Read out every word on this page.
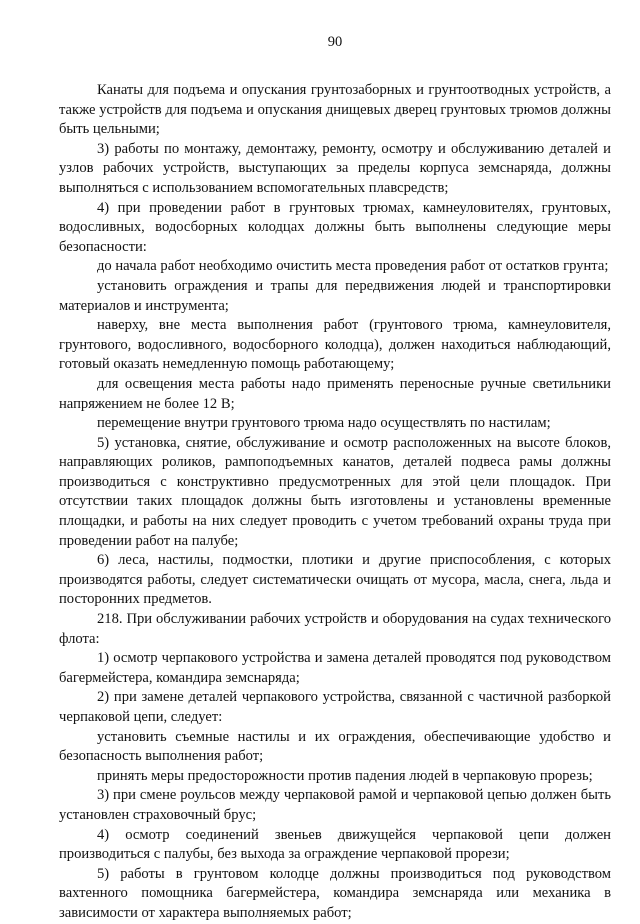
90

Канаты для подъема и опускания грунтозаборных и грунтоотводных устройств, а также устройств для подъема и опускания днищевых дверец грунтовых трюмов должны быть цельными;

3) работы по монтажу, демонтажу, ремонту, осмотру и обслуживанию деталей и узлов рабочих устройств, выступающих за пределы корпуса земснаряда, должны выполняться с использованием вспомогательных плавсредств;

4) при проведении работ в грунтовых трюмах, камнеуловителях, грунтовых, водосливных, водосборных колодцах должны быть выполнены следующие меры безопасности:

до начала работ необходимо очистить места проведения работ от остатков грунта;

установить ограждения и трапы для передвижения людей и транспортировки материалов и инструмента;

наверху, вне места выполнения работ (грунтового трюма, камнеуловителя, грунтового, водосливного, водосборного колодца), должен находиться наблюдающий, готовый оказать немедленную помощь работающему;

для освещения места работы надо применять переносные ручные светильники напряжением не более 12 В;

перемещение внутри грунтового трюма надо осуществлять по настилам;

5) установка, снятие, обслуживание и осмотр расположенных на высоте блоков, направляющих роликов, рампоподъемных канатов, деталей подвеса рамы должны производиться с конструктивно предусмотренных для этой цели площадок. При отсутствии таких площадок должны быть изготовлены и установлены временные площадки, и работы на них следует проводить с учетом требований охраны труда при проведении работ на палубе;

6) леса, настилы, подмостки, плотики и другие приспособления, с которых производятся работы, следует систематически очищать от мусора, масла, снега, льда и посторонних предметов.

218. При обслуживании рабочих устройств и оборудования на судах технического флота:

1) осмотр черпакового устройства и замена деталей проводятся под руководством багермейстера, командира земснаряда;

2) при замене деталей черпакового устройства, связанной с частичной разборкой черпаковой цепи, следует:

установить съемные настилы и их ограждения, обеспечивающие удобство и безопасность выполнения работ;

принять меры предосторожности против падения людей в черпаковую прорезь;

3) при смене роульсов между черпаковой рамой и черпаковой цепью должен быть установлен страховочный брус;

4) осмотр соединений звеньев движущейся черпаковой цепи должен производиться с палубы, без выхода за ограждение черпаковой прорези;

5) работы в грунтовом колодце должны производиться под руководством вахтенного помощника багермейстера, командира земснаряда или механика в зависимости от характера выполняемых работ;
